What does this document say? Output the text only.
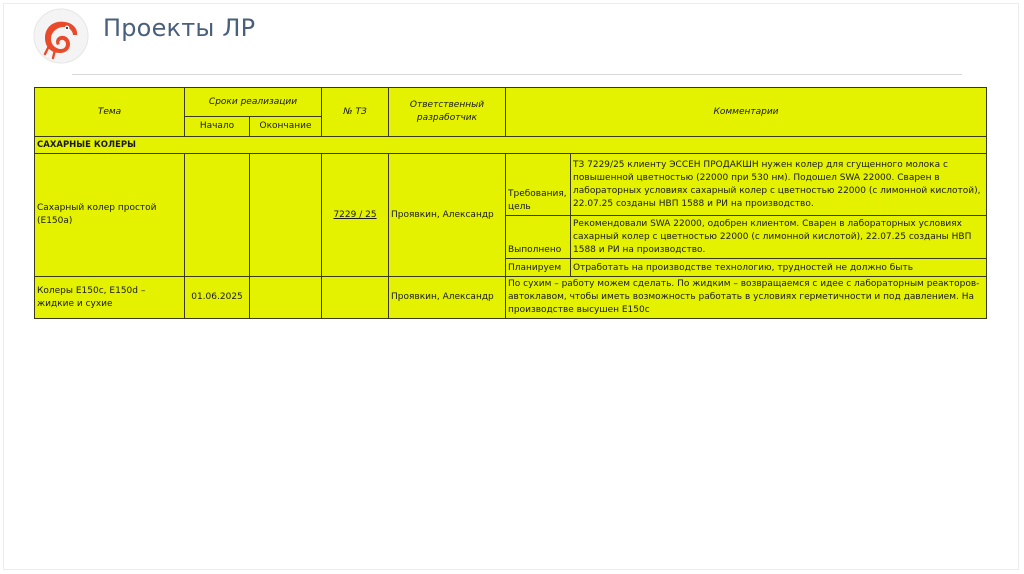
Проекты ЛР
Тема	Сроки реализации		№ ТЗ	Ответственный разработчик	Комментарии	
	Начало	Окончание				
САХАРНЫЕ КОЛЕРЫ						
Сахарный колер простой (E150a)			7229 / 25	Проявкин, Александр	Требования, цель	ТЗ 7229/25 клиенту ЭССЕН ПРОДАКШН нужен колер для сгущенного молока с повышенной цветностью (22000 при 530 нм). Подошел SWA 22000. Сварен в лабораторных условиях сахарный колер с цветностью 22000 (с лимонной кислотой), 22.07.25 созданы НВП 1588 и РИ на производство.
					Выполнено	Рекомендовали SWA 22000, одобрен клиентом. Сварен в лабораторных условиях сахарный колер с цветностью 22000 (с лимонной кислотой), 22.07.25 созданы НВП 1588 и РИ на производство.
					Планируем	Отработать на производстве технологию, трудностей не должно быть
Колеры E150c, E150d – жидкие и сухие	01.06.2025			Проявкин, Александр	По сухим – работу можем сделать. По жидким – возвращаемся с идее с лабораторным реакторов-автоклавом, чтобы иметь возможность работать в условиях герметичности и под давлением. На производстве высушен E150c	
